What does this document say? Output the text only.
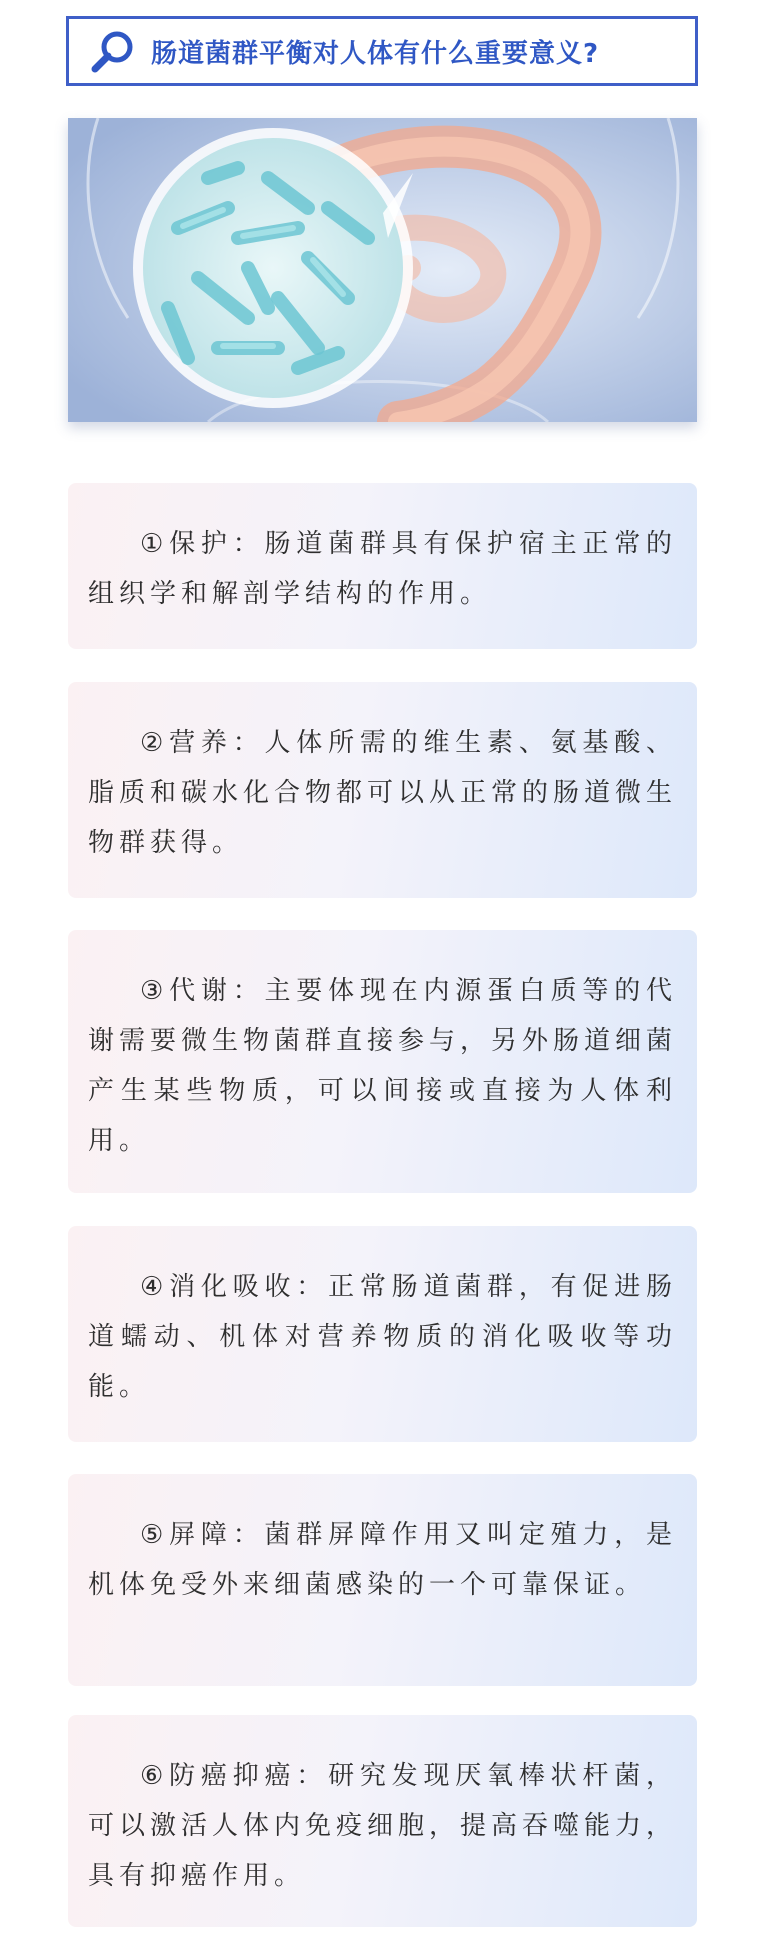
肠道菌群平衡对人体有什么重要意义?

①保护：肠道菌群具有保护宿主正常的组织学和解剖学结构的作用。

②营养：人体所需的维生素、氨基酸、脂质和碳水化合物都可以从正常的肠道微生物群获得。

③代谢：主要体现在内源蛋白质等的代谢需要微生物菌群直接参与，另外肠道细菌产生某些物质，可以间接或直接为人体利用。

④消化吸收：正常肠道菌群，有促进肠道蠕动、机体对营养物质的消化吸收等功能。

⑤屏障：菌群屏障作用又叫定殖力，是机体免受外来细菌感染的一个可靠保证。

⑥防癌抑癌：研究发现厌氧棒状杆菌，可以激活人体内免疫细胞，提高吞噬能力，具有抑癌作用。
